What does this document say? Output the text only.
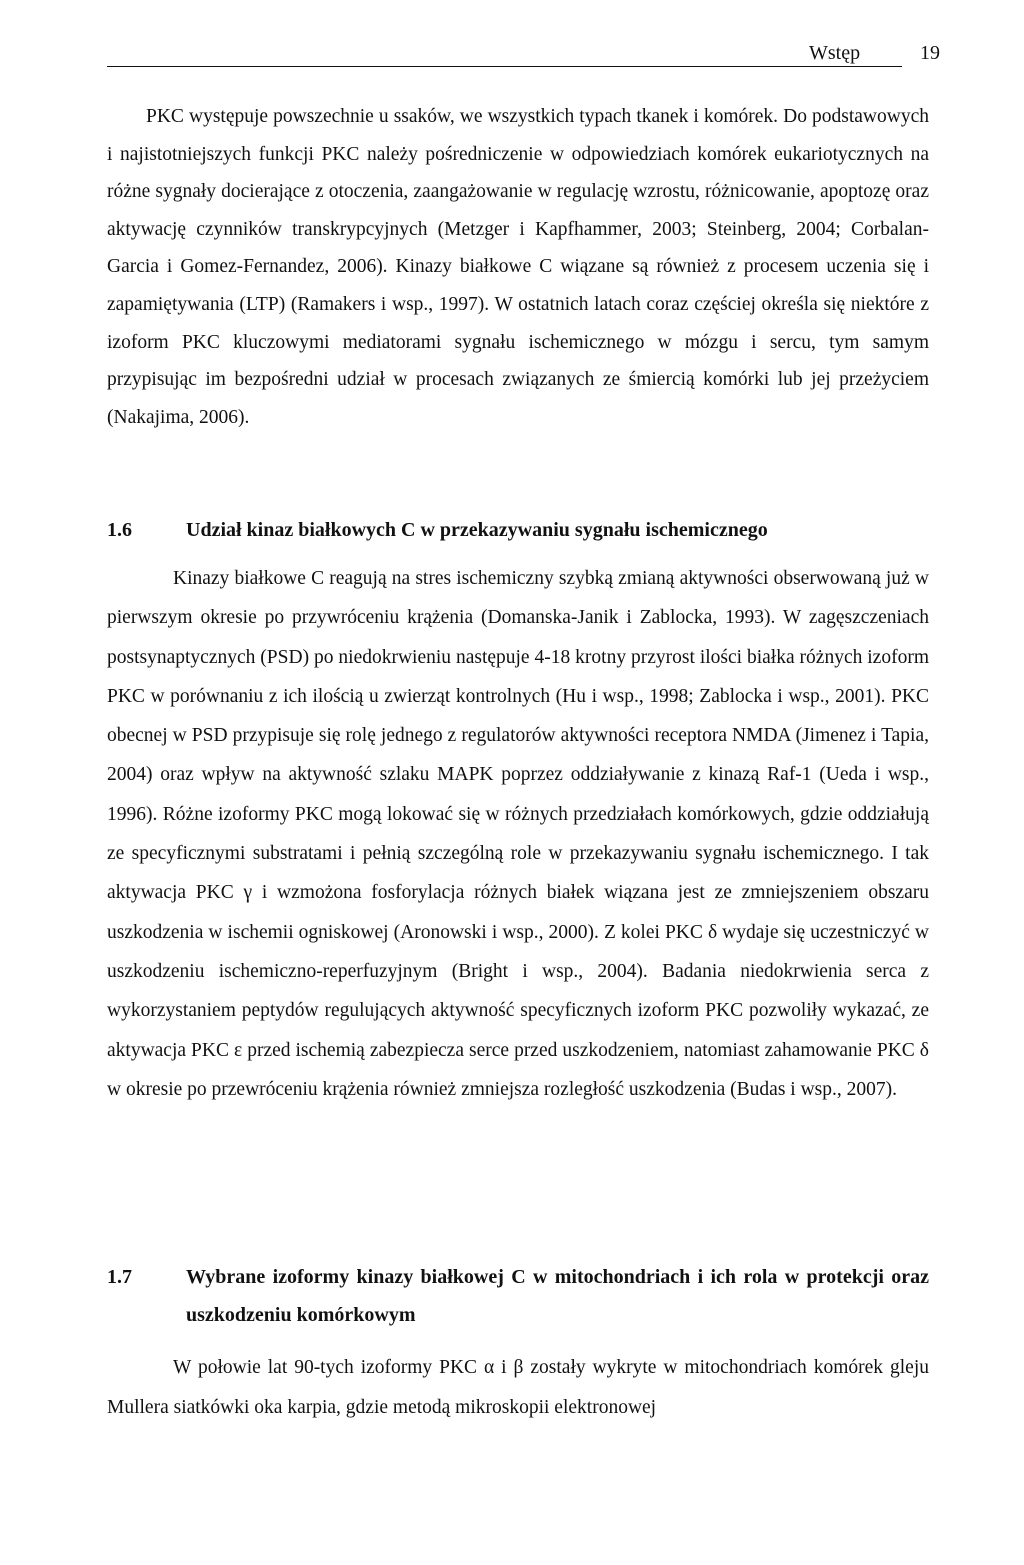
Wstęp	19

PKC występuje powszechnie u ssaków, we wszystkich typach tkanek i komórek. Do podstawowych i najistotniejszych funkcji PKC należy pośredniczenie w odpowiedziach komórek eukariotycznych na różne sygnały docierające z otoczenia, zaangażowanie w regulację wzrostu, różnicowanie, apoptozę oraz aktywację czynników transkrypcyjnych (Metzger i Kapfhammer, 2003; Steinberg, 2004; Corbalan-Garcia i Gomez-Fernandez, 2006). Kinazy białkowe C wiązane są również z procesem uczenia się i zapamiętywania (LTP) (Ramakers i wsp., 1997). W ostatnich latach coraz częściej określa się niektóre z izoform PKC kluczowymi mediatorami sygnału ischemicznego w mózgu i sercu, tym samym przypisując im bezpośredni udział w procesach związanych ze śmiercią komórki lub jej przeżyciem (Nakajima, 2006).

1.6	Udział kinaz białkowych C w przekazywaniu sygnału ischemicznego

Kinazy białkowe C reagują na stres ischemiczny szybką zmianą aktywności obserwowaną już w pierwszym okresie po przywróceniu krążenia (Domanska-Janik i Zablocka, 1993). W zagęszczeniach postsynaptycznych (PSD) po niedokrwieniu następuje 4-18 krotny przyrost ilości białka różnych izoform PKC w porównaniu z ich ilością u zwierząt kontrolnych (Hu i wsp., 1998; Zablocka i wsp., 2001). PKC obecnej w PSD przypisuje się rolę jednego z regulatorów aktywności receptora NMDA (Jimenez i Tapia, 2004) oraz wpływ na aktywność szlaku MAPK poprzez oddziaływanie z kinazą Raf-1 (Ueda i wsp., 1996). Różne izoformy PKC mogą lokować się w różnych przedziałach komórkowych, gdzie oddziałują ze specyficznymi substratami i pełnią szczególną role w przekazywaniu sygnału ischemicznego. I tak aktywacja PKC γ i wzmożona fosforylacja różnych białek wiązana jest ze zmniejszeniem obszaru uszkodzenia w ischemii ogniskowej (Aronowski i wsp., 2000). Z kolei PKC δ wydaje się uczestniczyć w uszkodzeniu ischemiczno-reperfuzyjnym (Bright i wsp., 2004). Badania niedokrwienia serca z wykorzystaniem peptydów regulujących aktywność specyficznych izoform PKC pozwoliły wykazać, ze aktywacja PKC ε przed ischemią zabezpiecza serce przed uszkodzeniem, natomiast zahamowanie PKC δ w okresie po przewróceniu krążenia również zmniejsza rozległość uszkodzenia (Budas i wsp., 2007).

1.7	Wybrane izoformy kinazy białkowej C w mitochondriach i ich rola w protekcji oraz uszkodzeniu komórkowym

W połowie lat 90-tych izoformy PKC α i β zostały wykryte w mitochondriach komórek gleju Mullera siatkówki oka karpia, gdzie metodą mikroskopii elektronowej
